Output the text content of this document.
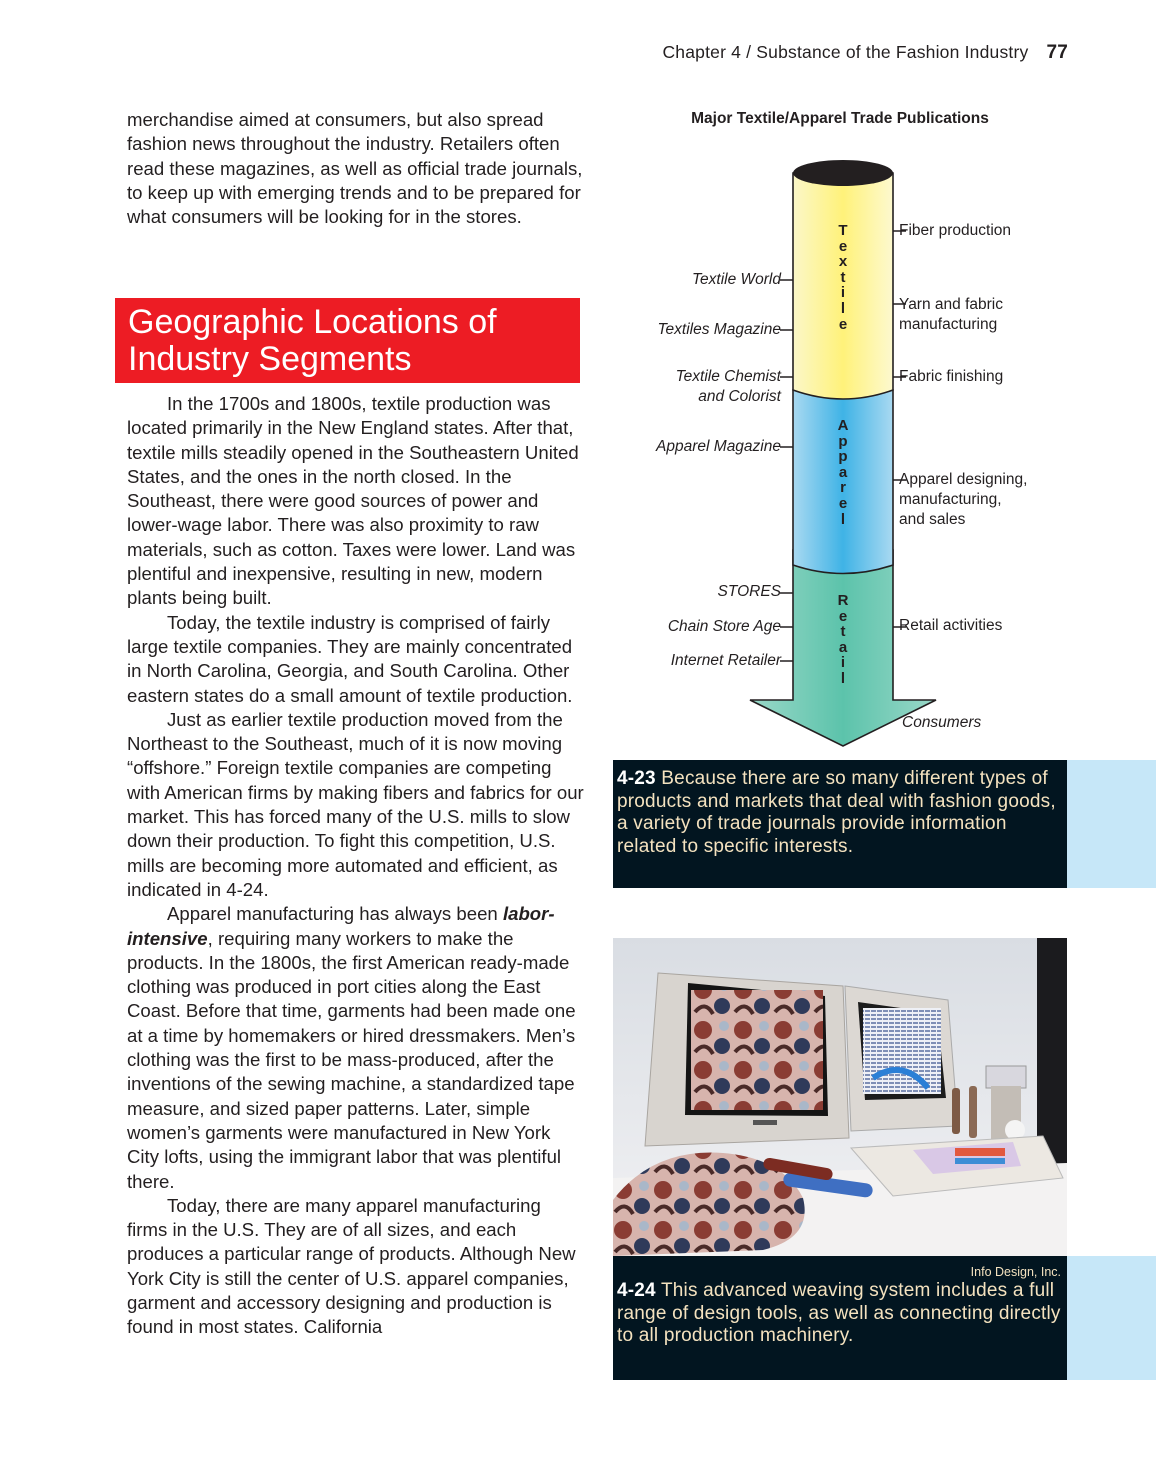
Chapter 4 / Substance of the Fashion Industry 77

merchandise aimed at consumers, but also spread fashion news throughout the industry. Retailers often read these magazines, as well as official trade journals, to keep up with emerging trends and to be prepared for what consumers will be looking for in the stores.

Geographic Locations of
Industry Segments

In the 1700s and 1800s, textile production was located primarily in the New England states. After that, textile mills steadily opened in the Southeastern United States, and the ones in the north closed. In the Southeast, there were good sources of power and lower-wage labor. There was also proximity to raw materials, such as cotton. Taxes were lower. Land was plentiful and inexpensive, resulting in new, modern plants being built.

Today, the textile industry is comprised of fairly large textile companies. They are mainly concentrated in North Carolina, Georgia, and South Carolina. Other eastern states do a small amount of textile production.

Just as earlier textile production moved from the Northeast to the Southeast, much of it is now moving “offshore.” Foreign textile companies are competing with American firms by making fibers and fabrics for our market. This has forced many of the U.S. mills to slow down their production. To fight this competition, U.S. mills are becoming more automated and efficient, as indicated in 4-24.

Apparel manufacturing has always been labor-intensive, requiring many workers to make the products. In the 1800s, the first American ready-made clothing was produced in port cities along the East Coast. Before that time, garments had been made one at a time by homemakers or hired dressmakers. Men’s clothing was the first to be mass-produced, after the inventions of the sewing machine, a standardized tape measure, and sized paper patterns. Later, simple women’s garments were manufactured in New York City lofts, using the immigrant labor that was plentiful there.

Today, there are many apparel manufacturing firms in the U.S. They are of all sizes, and each produces a particular range of products. Although New York City is still the center of U.S. apparel companies, garment and accessory designing and production is found in most states. California

Major Textile/Apparel Trade Publications
T
e
x
t
i
l
e
A
p
p
a
r
e
l
R
e
t
a
i
l
Textile World
Textiles Magazine
Textile Chemist
and Colorist
Apparel Magazine
STORES
Chain Store Age
Internet Retailer
Fiber production
Yarn and fabric
manufacturing
Fabric finishing
Apparel designing,
manufacturing,
and sales
Retail activities
Consumers
4-23 Because there are so many different types of products and markets that deal with fashion goods, a variety of trade journals provide information related to specific interests.
Info Design, Inc.
4-24 This advanced weaving system includes a full range of design tools, as well as connecting directly to all production machinery.
